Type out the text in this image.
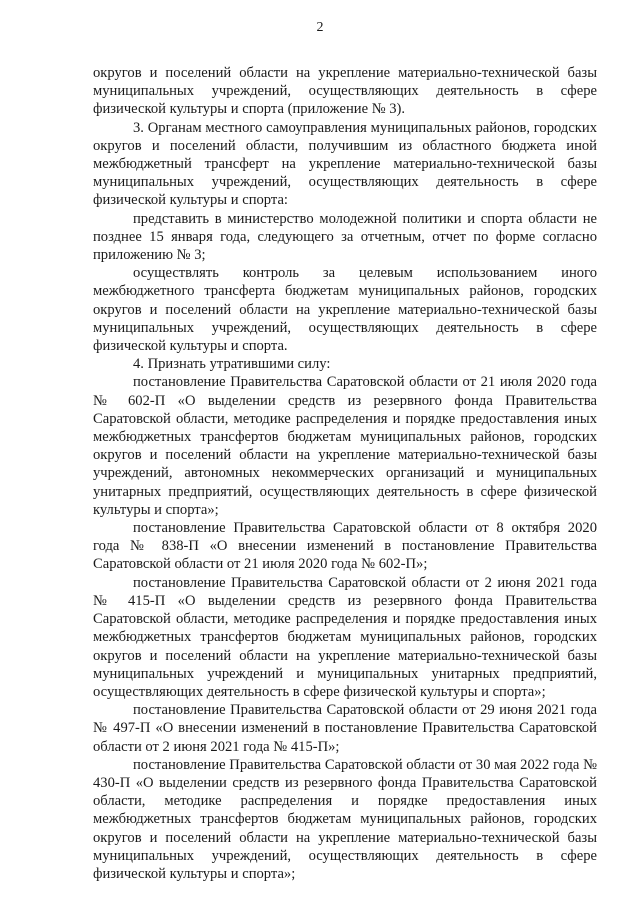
2

округов и поселений области на укрепление материально-технической базы муниципальных учреждений, осуществляющих деятельность в сфере физической культуры и спорта (приложение № 3).

3. Органам местного самоуправления муниципальных районов, городских округов и поселений области, получившим из областного бюджета иной межбюджетный трансферт на укрепление материально-технической базы муниципальных учреждений, осуществляющих деятельность в сфере физической культуры и спорта:

представить в министерство молодежной политики и спорта области не позднее 15 января года, следующего за отчетным, отчет по форме согласно приложению № 3;

осуществлять контроль за целевым использованием иного межбюджетного трансферта бюджетам муниципальных районов, городских округов и поселений области на укрепление материально-технической базы муниципальных учреждений, осуществляющих деятельность в сфере физической культуры и спорта.

4. Признать утратившими силу:

постановление Правительства Саратовской области от 21 июля 2020 года № 602-П «О выделении средств из резервного фонда Правительства Саратовской области, методике распределения и порядке предоставления иных межбюджетных трансфертов бюджетам муниципальных районов, городских округов и поселений области на укрепление материально-технической базы учреждений, автономных некоммерческих организаций и муниципальных унитарных предприятий, осуществляющих деятельность в сфере физической культуры и спорта»;

постановление Правительства Саратовской области от 8 октября 2020 года № 838-П «О внесении изменений в постановление Правительства Саратовской области от 21 июля 2020 года № 602-П»;

постановление Правительства Саратовской области от 2 июня 2021 года № 415-П «О выделении средств из резервного фонда Правительства Саратовской области, методике распределения и порядке предоставления иных межбюджетных трансфертов бюджетам муниципальных районов, городских округов и поселений области на укрепление материально-технической базы муниципальных учреждений и муниципальных унитарных предприятий, осуществляющих деятельность в сфере физической культуры и спорта»;

постановление Правительства Саратовской области от 29 июня 2021 года № 497-П «О внесении изменений в постановление Правительства Саратовской области от 2 июня 2021 года № 415-П»;

постановление Правительства Саратовской области от 30 мая 2022 года № 430-П «О выделении средств из резервного фонда Правительства Саратовской области, методике распределения и порядке предоставления иных межбюджетных трансфертов бюджетам муниципальных районов, городских округов и поселений области на укрепление материально-технической базы муниципальных учреждений, осуществляющих деятельность в сфере физической культуры и спорта»;
